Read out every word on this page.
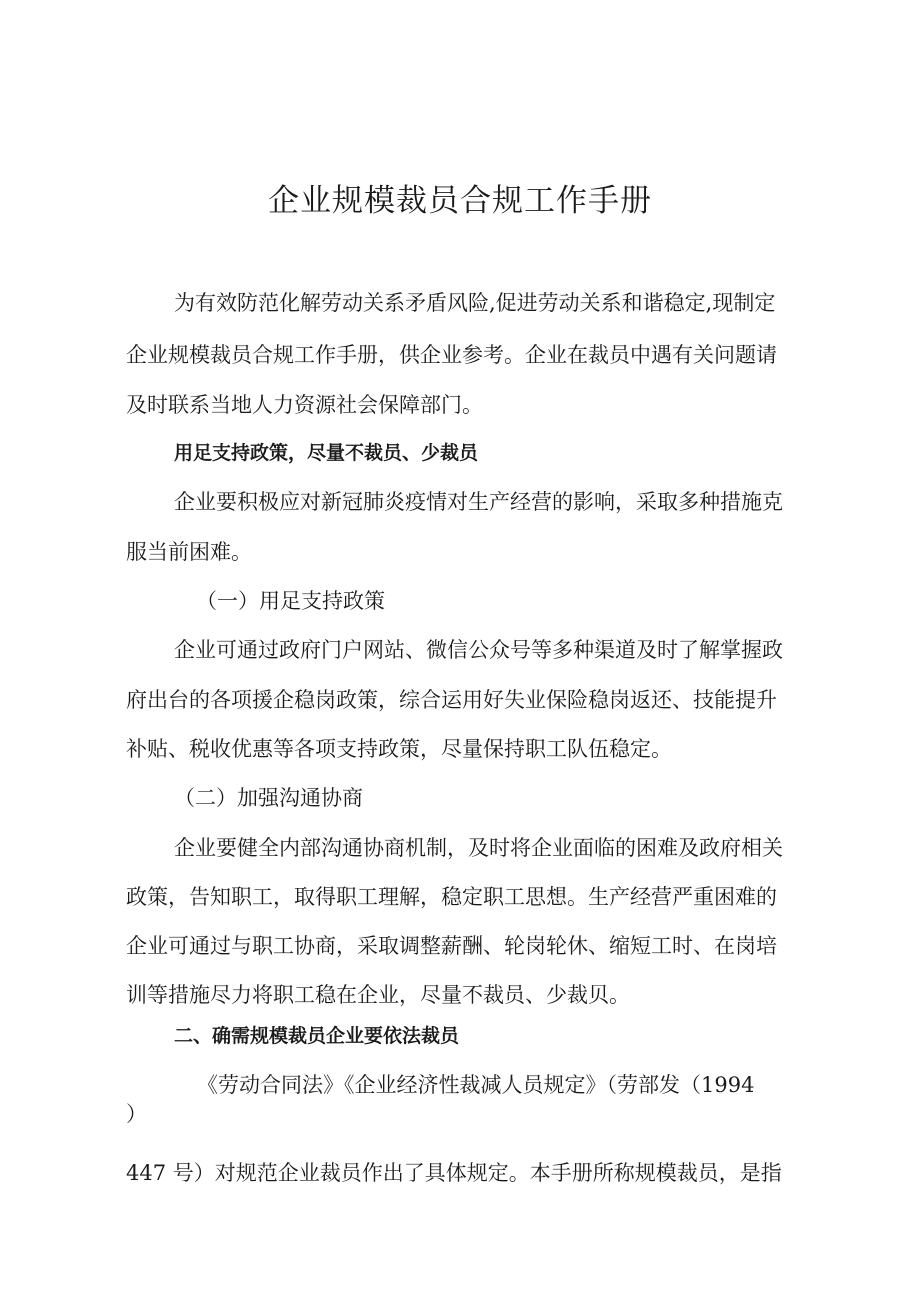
企业规模裁员合规工作手册
为有效防范化解劳动关系矛盾风险,促进劳动关系和谐稳定,现制定
企业规模裁员合规工作手册，供企业参考。企业在裁员中遇有关问题请
及时联系当地人力资源社会保障部门。
用足支持政策，尽量不裁员、少裁员
企业要积极应对新冠肺炎疫情对生产经营的影响，采取多种措施克
服当前困难。
（一）用足支持政策
企业可通过政府门户网站、微信公众号等多种渠道及时了解掌握政
府出台的各项援企稳岗政策，综合运用好失业保险稳岗返还、技能提升
补贴、税收优惠等各项支持政策，尽量保持职工队伍稳定。
（二）加强沟通协商
企业要健全内部沟通协商机制，及时将企业面临的困难及政府相关
政策，告知职工，取得职工理解，稳定职工思想。生产经营严重困难的
企业可通过与职工协商，采取调整薪酬、轮岗轮休、缩短工时、在岗培
训等措施尽力将职工稳在企业，尽量不裁员、少裁贝。
二、确需规模裁员企业要依法裁员
《劳动合同法》《企业经济性裁减人员规定》（劳部发（1994
）
447 号）对规范企业裁员作出了具体规定。本手册所称规模裁员，是指
